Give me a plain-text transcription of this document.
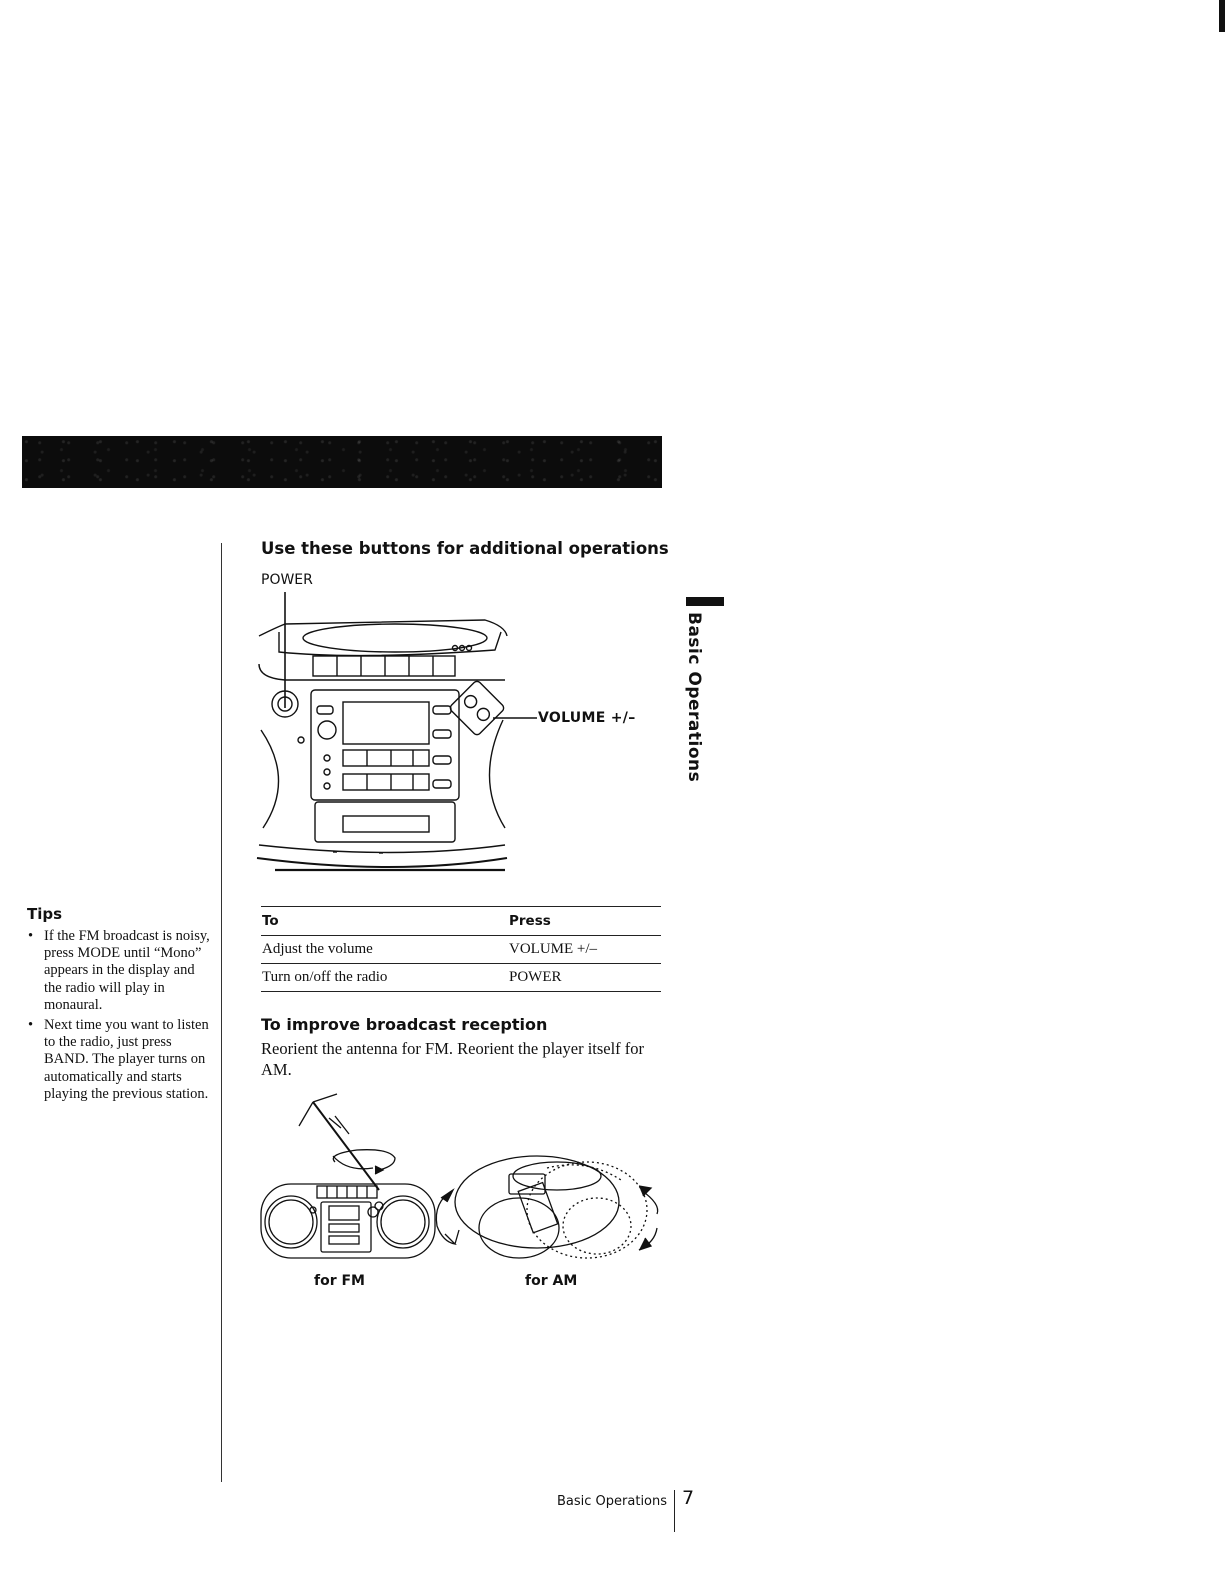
Tips
• If the FM broadcast is noisy, press MODE until “Mono” appears in the display and the radio will play in monaural.
• Next time you want to listen to the radio, just press BAND. The player turns on automatically and starts playing the previous station.
Use these buttons for additional operations
POWER
VOLUME +/–
To	Press
Adjust the volume	VOLUME +/–
Turn on/off the radio	POWER
To improve broadcast reception
Reorient the antenna for FM. Reorient the player itself for AM.
for FM	for AM
Basic Operations
Basic Operations 7
